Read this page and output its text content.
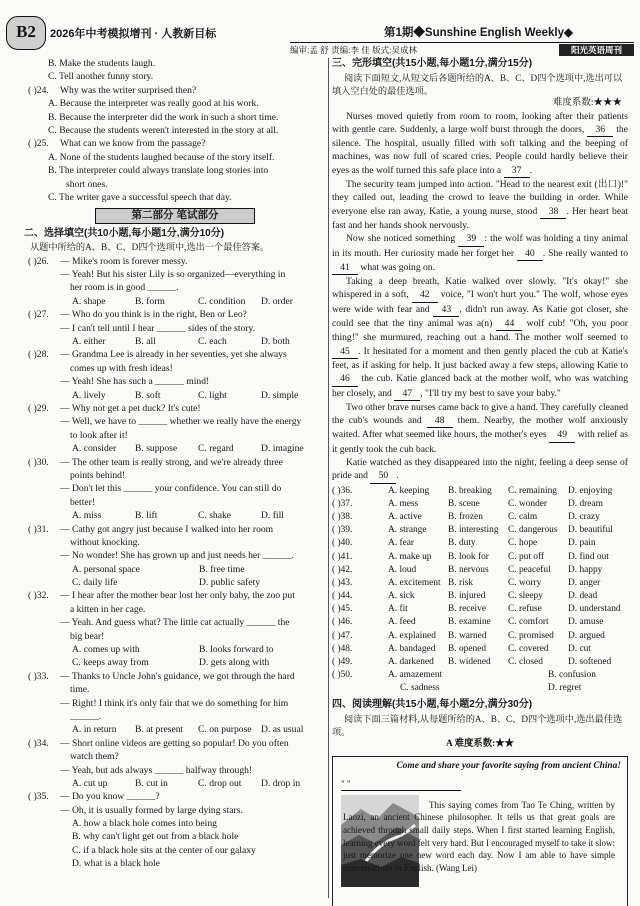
B2	2026年中考模拟增刊 · 人教新目标	第1期◆Sunshine English Weekly◆
编审:孟 舒 责编:李 佳 版式:吴成林	阳光英语周刊
B. Make the students laugh.
C. Tell another funny story.
( )24. Why was the writer surprised then?
A. Because the interpreter was really good at his work.
B. Because the interpreter did the work in such a short time.
C. Because the students weren't interested in the story at all.
( )25. What can we know from the passage?
A. None of the students laughed because of the story itself.
B. The interpreter could always translate long stories into
short ones.
C. The writer gave a successful speech that day.
第二部分 笔试部分
二、选择填空(共10小题,每小题1分,满分10分)
从题中所给的A、B、C、D四个选项中,选出一个最佳答案。
( )26. — Mike's room is forever messy.
— Yeah! But his sister Lily is so organized—everything in
her room is in good ______.
A. shape	B. form	C. condition	D. order
( )27. — Who do you think is in the right, Ben or Leo?
— I can't tell until I hear ______ sides of the story.
A. either	B. all	C. each	D. both
( )28. — Grandma Lee is already in her seventies, yet she always
comes up with fresh ideas!
— Yeah! She has such a ______ mind!
A. lively	B. soft	C. light	D. simple
( )29. — Why not get a pet duck? It's cute!
— Well, we have to ______ whether we really have the energy
to look after it!
A. consider	B. suppose	C. regard	D. imagine
( )30. — The other team is really strong, and we're already three
points behind!
— Don't let this ______ your confidence. You can still do
better!
A. miss	B. lift	C. shake	D. fill
( )31. — Cathy got angry just because I walked into her room
without knocking.
— No wonder! She has grown up and just needs her ______.
A. personal space	B. free time
C. daily life	D. public safety
( )32. — I hear after the mother bear lost her only baby, the zoo put
a kitten in her cage.
— Yeah. And guess what? The little cat actually ______ the
big bear!
A. comes up with	B. looks forward to
C. keeps away from	D. gets along with
( )33. — Thanks to Uncle John's guidance, we got through the hard
time.
— Right! I think it's only fair that we do something for him
______.
A. in return	B. at present	C. on purpose D. as usual
( )34. — Short online videos are getting so popular! Do you often
watch them?
— Yeah, but ads always ______ halfway through!
A. cut up	B. cut in	C. drop out	D. drop in
( )35. — Do you know ______?
— Oh, it is usually formed by large dying stars.
A. how a black hole comes into being
B. why can't light get out from a black hole
C. if a black hole sits at the center of our galaxy
D. what is a black hole
三、完形填空(共15小题,每小题1分,满分15分)
阅读下面短文,从短文后各题所给的A、B、C、D四个选项中,选出可以填入空白处的最佳选项。
难度系数:★★★
Nurses moved quietly from room to room, looking after their patients with gentle care. Suddenly, a large wolf burst through the doors, 36 the silence. The hospital, usually filled with soft talking and the beeping of machines, was now full of scared cries. People could hardly believe their eyes as the wolf turned this safe place into a 37 .
The security team jumped into action. "Head to the nearest exit (出口)!" they called out, leading the crowd to leave the building in order. While everyone else ran away, Katie, a young nurse, stood 38 . Her heart beat fast and her hands shook nervously.
Now she noticed something 39 : the wolf was holding a tiny animal in its mouth. Her curiosity made her forget her 40 . She really wanted to 41 what was going on.
Taking a deep breath, Katie walked over slowly. "It's okay!" she whispered in a soft, 42 voice, "I won't hurt you." The wolf, whose eyes were wide with fear and 43 , didn't run away. As Katie got closer, she could see that the tiny animal was a(n) 44 wolf cub! "Oh, you poor thing!" she murmured, reaching out a hand. The mother wolf seemed to 45 . It hesitated for a moment and then gently placed the cub at Katie's feet, as if asking for help. It just backed away a few steps, allowing Katie to 46 the cub. Katie glanced back at the mother wolf, who was watching her closely, and 47 , "I'll try my best to save your baby."
Two other brave nurses came back to give a hand. They carefully cleaned the cub's wounds and 48 them. Nearby, the mother wolf anxiously waited. After what seemed like hours, the mother's eyes 49 with relief as it gently took the cub back.
Katie watched as they disappeared into the night, feeling a deep sense of pride and 50 .
( )36.	A. keeping	B. breaking	C. remaining	D. enjoying
( )37.	A. mess	B. scene	C. wonder	D. dream
( )38.	A. active	B. frozen	C. calm	D. crazy
( )39.	A. strange	B. interesting	C. dangerous	D. beautiful
( )40.	A. fear	B. duty	C. hope	D. pain
( )41.	A. make up	B. look for	C. put off	D. find out
( )42.	A. loud	B. nervous	C. peaceful	D. happy
( )43.	A. excitement B. risk	C. worry	D. anger
( )44.	A. sick	B. injured	C. sleepy	D. dead
( )45.	A. fit	B. receive	C. refuse	D. understand
( )46.	A. feed	B. examine	C. comfort	D. amuse
( )47.	A. explained	B. warned	C. promised	D. argued
( )48.	A. bandaged	B. opened	C. covered	D. cut
( )49.	A. darkened	B. widened	C. closed	D. softened
( )50.	A. amazement	B. confusion
C. sadness	D. regret
四、阅读理解(共15小题,每小题2分,满分30分)
阅读下面三篇材料,从每题所给的A、B、C、D四个选项中,选出最佳选项。
A 难度系数:★★
Come and share your favorite saying from ancient China!
" "
This saying comes from Tao Te Ching, written by Laozi, an ancient Chinese philosopher. It tells us that great goals are achieved through small daily steps. When I first started learning English, learning every word felt very hard. But I encouraged myself to take it slow: just memorize one new word each day. Now I am able to have simple conversations in English. (Wang Lei)
